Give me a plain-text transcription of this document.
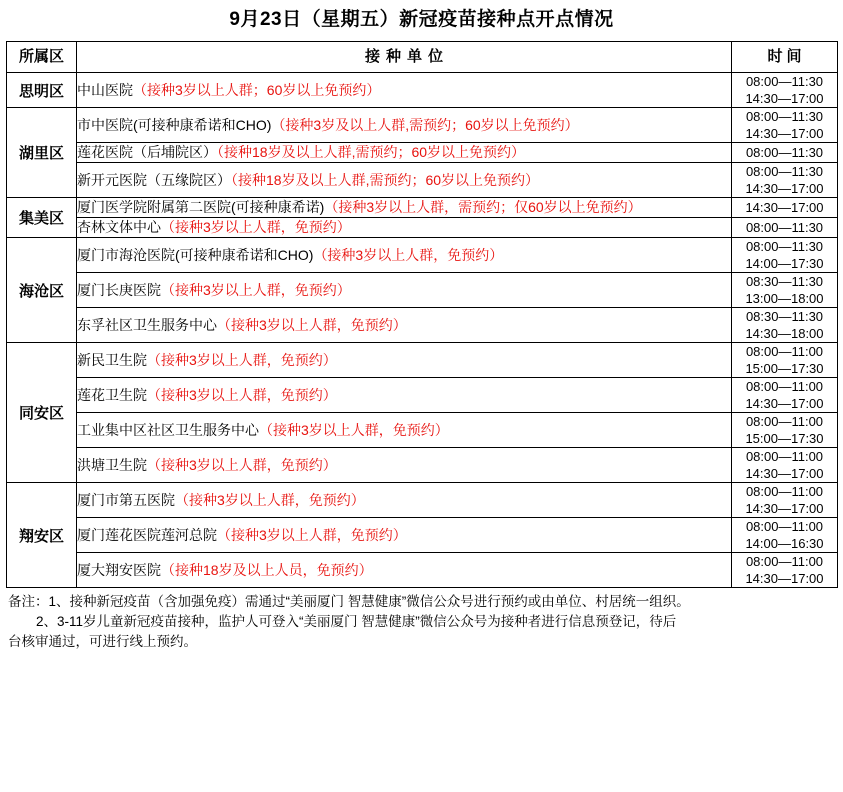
9月23日（星期五）新冠疫苗接种点开点情况
所属区	接种单位	时间
思明区	中山医院（接种3岁以上人群；60岁以上免预约）	08:00—11:30
14:30—17:00

湖里区	市中医院(可接种康希诺和CHO)（接种3岁及以上人群,需预约；60岁以上免预约）	08:00—11:30
14:30—17:00

	莲花医院（后埔院区）（接种18岁及以上人群,需预约；60岁以上免预约）	08:00—11:30

	新开元医院（五缘院区）（接种18岁及以上人群,需预约；60岁以上免预约）	08:00—11:30
14:30—17:00

集美区	厦门医学院附属第二医院(可接种康希诺)（接种3岁以上人群，需预约；仅60岁以上免预约）	14:30—17:00

	杏林文体中心（接种3岁以上人群，免预约）	08:00—11:30

海沧区	厦门市海沧医院(可接种康希诺和CHO)（接种3岁以上人群，免预约）	08:00—11:30
14:00—17:30

	厦门长庚医院（接种3岁以上人群，免预约）	08:30—11:30
13:00—18:00

	东孚社区卫生服务中心（接种3岁以上人群，免预约）	08:30—11:30
14:30—18:00

同安区	新民卫生院（接种3岁以上人群，免预约）	08:00—11:00
15:00—17:30

	莲花卫生院（接种3岁以上人群，免预约）	08:00—11:00
14:30—17:00

	工业集中区社区卫生服务中心（接种3岁以上人群，免预约）	08:00—11:00
15:00—17:30

	洪塘卫生院（接种3岁以上人群，免预约）	08:00—11:00
14:30—17:00

翔安区	厦门市第五医院（接种3岁以上人群，免预约）	08:00—11:00
14:30—17:00

	厦门莲花医院莲河总院（接种3岁以上人群，免预约）	08:00—11:00
14:00—16:30

	厦大翔安医院（接种18岁及以上人员，免预约）	08:00—11:00
14:30—17:00

备注：1、接种新冠疫苗（含加强免疫）需通过“美丽厦门 智慧健康”微信公众号进行预约或由单位、村居统一组织。

2、3-11岁儿童新冠疫苗接种，监护人可登入“美丽厦门 智慧健康”微信公众号为接种者进行信息预登记，待后

台核审通过，可进行线上预约。
